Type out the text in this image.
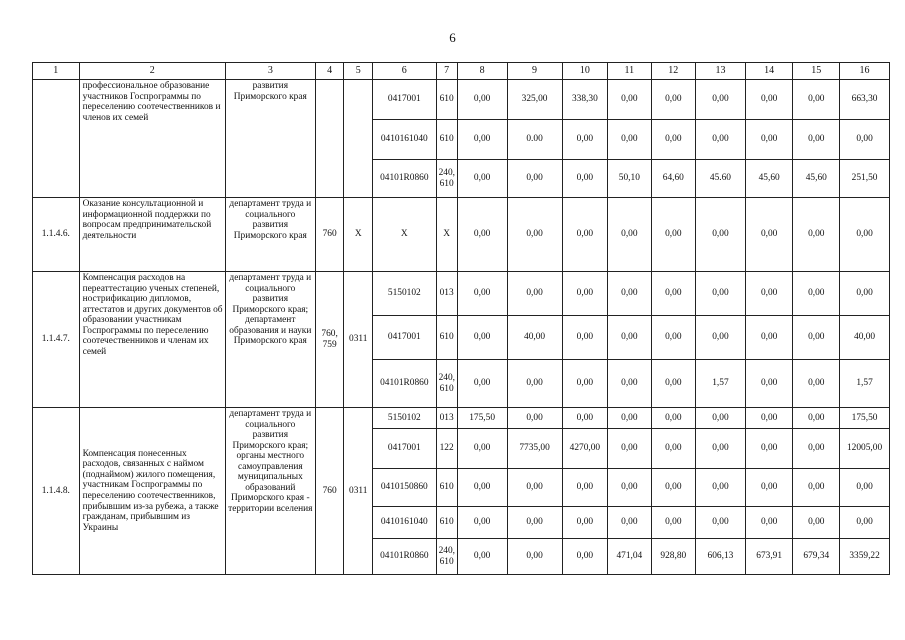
6
1	2	3	4	5	6	7	8	9	10	11	12	13	14	15	16
	профессиональное образование участников Госпрограммы по переселению соотечественников и членов их семей	развития Приморского края			0417001	610	0,00	325,00	338,30	0,00	0,00	0,00	0,00	0,00	663,30
					0410161040	610	0,00	0.00	0,00	0,00	0,00	0,00	0,00	0,00	0,00
					04101R0860	240, 610	0,00	0,00	0,00	50,10	64,60	45.60	45,60	45,60	251,50
1.1.4.6.	Оказание консультационной и информационной поддержки по вопросам предпринимательской деятельности	департамент труда и социального развития Приморского края	760	X	X	X	0,00	0,00	0,00	0,00	0,00	0,00	0,00	0,00	0,00
1.1.4.7.	Компенсация расходов на переаттестацию ученых степеней, нострификацию дипломов, аттестатов и других документов об образовании участникам Госпрограммы по переселению соотечественников и членам их семей	департамент труда и социального развития Приморского края; департамент образования и науки Приморского края	760, 759	0311	5150102	013	0,00	0,00	0,00	0,00	0,00	0,00	0,00	0,00	0,00
					0417001	610	0,00	40,00	0,00	0,00	0,00	0,00	0,00	0,00	40,00
					04101R0860	240, 610	0,00	0,00	0,00	0,00	0,00	1,57	0,00	0,00	1,57
1.1.4.8.	Компенсация понесенных расходов, связанных с наймом (поднаймом) жилого помещения, участникам Госпрограммы по переселению соотечественников, прибывшим из-за рубежа, а также гражданам, прибывшим из Украины	департамент труда и социального развития Приморского края; органы местного самоуправления муниципальных образований Приморского края - территории вселения	760	0311	5150102	013	175,50	0,00	0,00	0,00	0,00	0,00	0,00	0,00	175,50
					0417001	122	0,00	7735,00	4270,00	0,00	0,00	0,00	0,00	0,00	12005,00
					0410150860	610	0,00	0,00	0,00	0,00	0,00	0,00	0,00	0,00	0,00
					0410161040	610	0,00	0,00	0,00	0,00	0,00	0,00	0,00	0,00	0,00
					04101R0860	240, 610	0,00	0,00	0,00	471,04	928,80	606,13	673,91	679,34	3359,22
